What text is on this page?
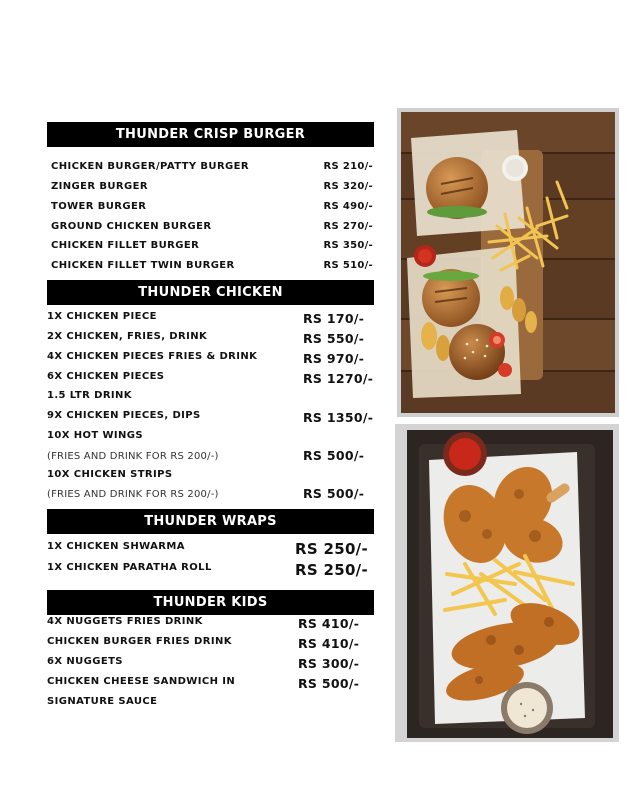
THUNDER CRISP BURGER
CHICKEN BURGER/PATTY BURGER	RS 210/-
ZINGER BURGER	RS 320/-
TOWER BURGER	RS 490/-
GROUND CHICKEN BURGER	RS 270/-
CHICKEN FILLET BURGER	RS 350/-
CHICKEN FILLET TWIN BURGER	RS 510/-
THUNDER CHICKEN
1X CHICKEN PIECE	RS 170/-
2X CHICKEN, FRIES, DRINK	RS 550/-
4X CHICKEN PIECES FRIES & DRINK	RS 970/-
6X CHICKEN PIECES	RS 1270/-
1.5 LTR DRINK
9X CHICKEN PIECES, DIPS	RS 1350/-
10X HOT WINGS
(FRIES AND DRINK FOR RS 200/-)	RS 500/-
10X CHICKEN STRIPS
(FRIES AND DRINK FOR RS 200/-)	RS 500/-
THUNDER WRAPS
1X CHICKEN SHWARMA	RS 250/-
1X CHICKEN PARATHA ROLL	RS 250/-
THUNDER KIDS
4X NUGGETS FRIES DRINK	RS 410/-
CHICKEN BURGER FRIES DRINK	RS 410/-
6X NUGGETS	RS 300/-
CHICKEN CHEESE SANDWICH IN	RS 500/-
SIGNATURE SAUCE
